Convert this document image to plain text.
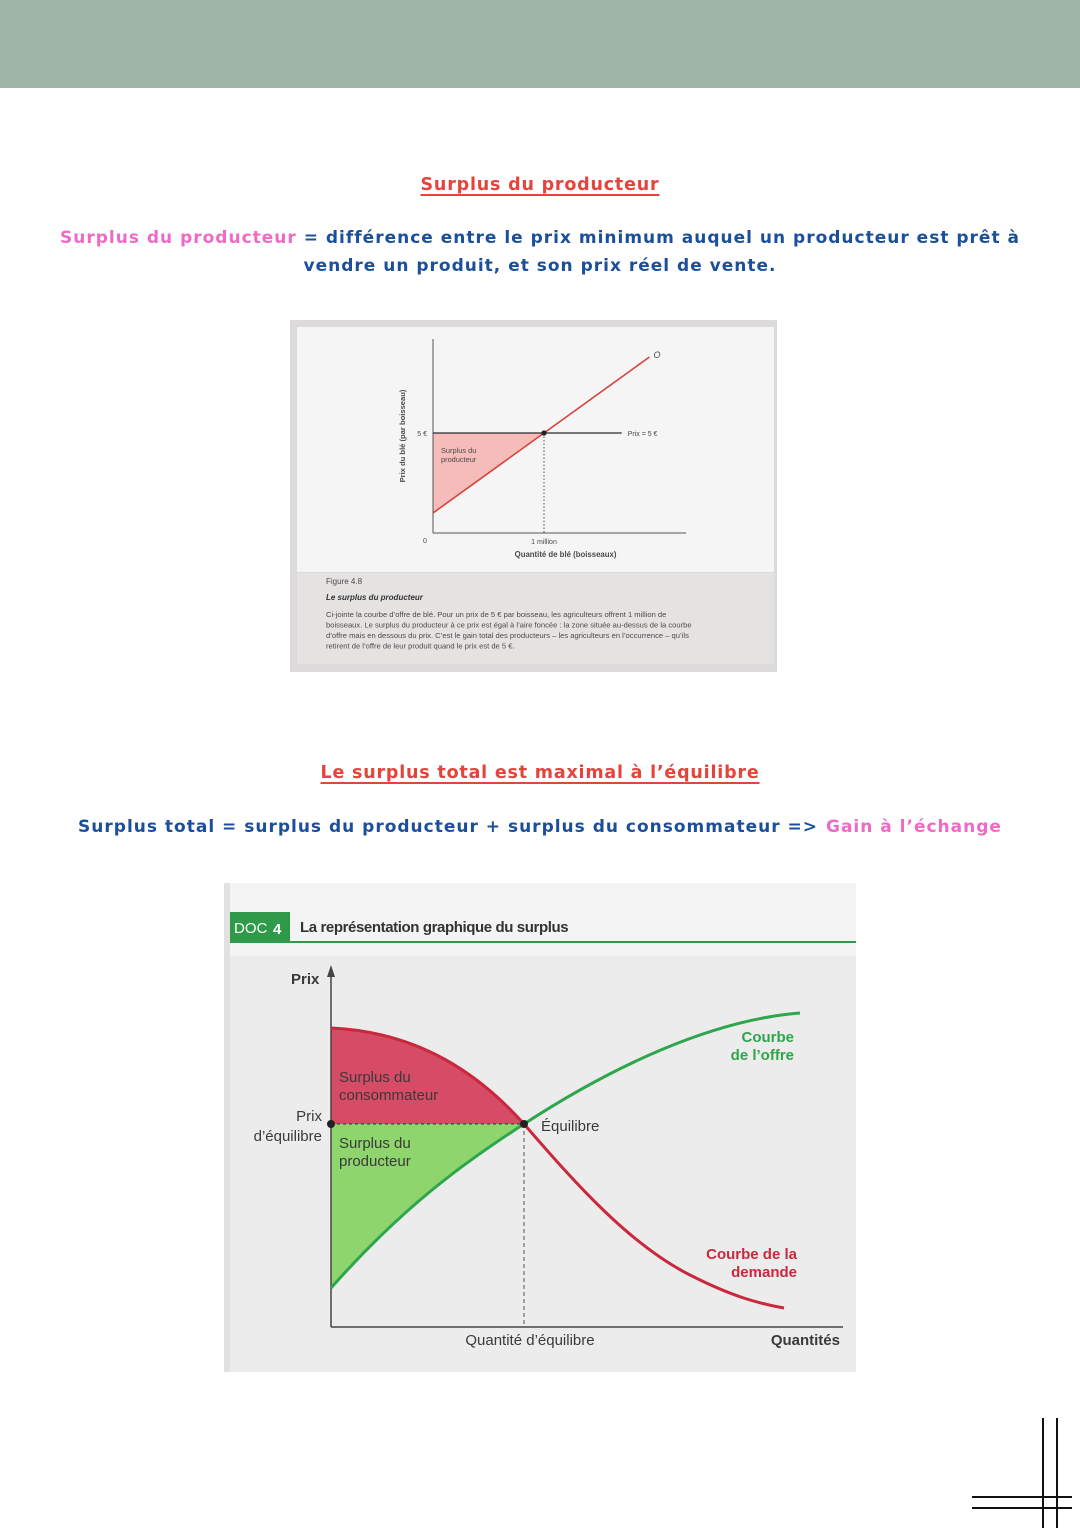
Surplus du producteur
Surplus du producteur = différence entre le prix minimum auquel un producteur est prêt à
vendre un produit, et son prix réel de vente.
5 €
1 million
0
Quantité de blé (boisseaux)
Prix du blé (par boisseau)
O
Prix = 5 €
Surplus du
producteur
Figure 4.8
Le surplus du producteur
Ci-jointe la courbe d’offre de blé. Pour un prix de 5 € par boisseau, les agriculteurs offrent 1 million de
boisseaux. Le surplus du producteur à ce prix est égal à l’aire foncée : la zone située au-dessus de la courbe
d’offre mais en dessous du prix. C’est le gain total des producteurs – les agriculteurs en l’occurrence – qu’ils
retirent de l’offre de leur produit quand le prix est de 5 €.
Le surplus total est maximal à l’équilibre
Surplus total = surplus du producteur + surplus du consommateur => Gain à l’échange
DOC 4 La représentation graphique du surplus
Prix
Quantités
Quantité d’équilibre
Prix
d’équilibre
Équilibre
Surplus du
consommateur
Surplus du
producteur
Courbe
de l’offre
Courbe de la
demande
